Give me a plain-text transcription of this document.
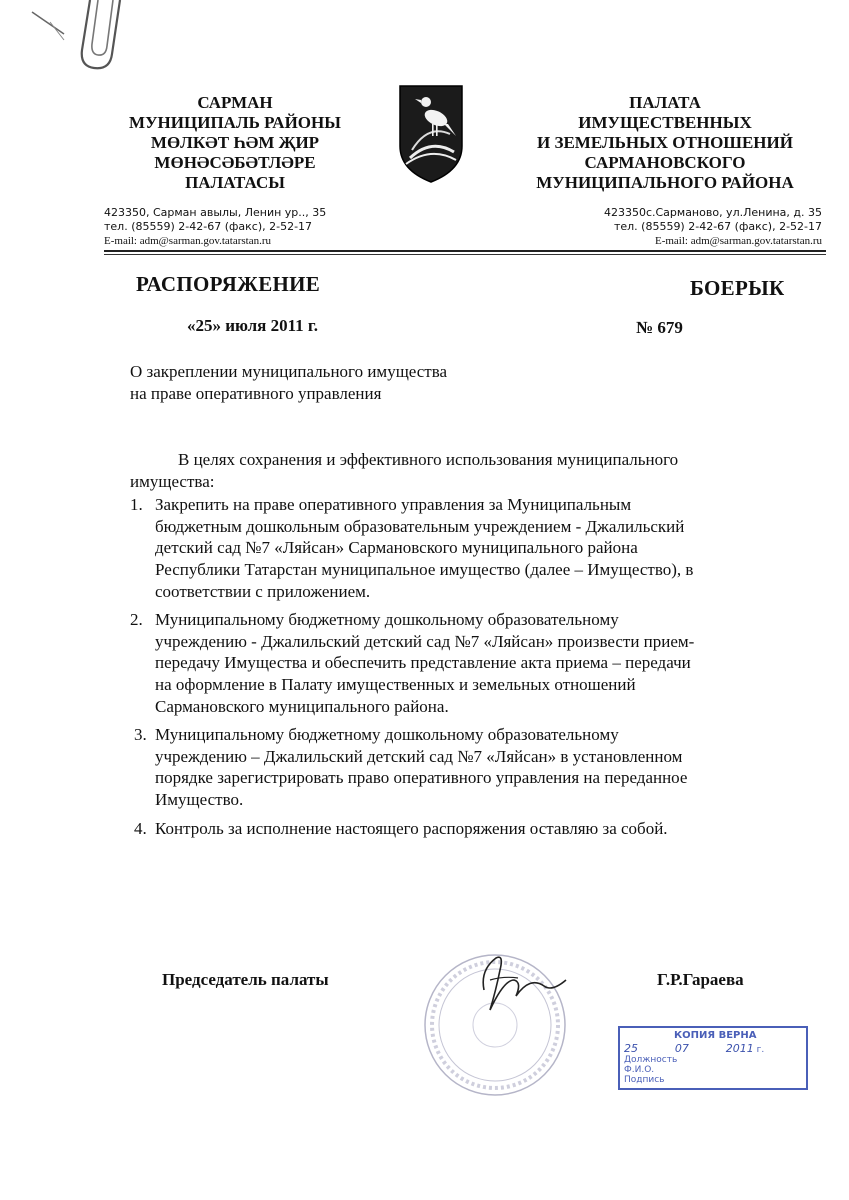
САРМАН
МУНИЦИПАЛЬ РАЙОНЫ
МӨЛКӘТ ҺӘМ ҖИР
МӨНӘСӘБӘТЛӘРЕ
ПАЛАТАСЫ
ПАЛАТА
ИМУЩЕСТВЕННЫХ
И ЗЕМЕЛЬНЫХ ОТНОШЕНИЙ
САРМАНОВСКОГО
МУНИЦИПАЛЬНОГО РАЙОНА
423350, Сарман авылы, Ленин ур.., 35
тел. (85559) 2-42-67 (факс), 2-52-17
E-mail: adm@sarman.gov.tatarstan.ru
423350с.Сарманово, ул.Ленина, д. 35
тел. (85559) 2-42-67 (факс), 2-52-17
E-mail: adm@sarman.gov.tatarstan.ru
РАСПОРЯЖЕНИЕ	БОЕРЫК
«25» июля 2011 г.	№ 679
О закреплении муниципального имущества
на праве оперативного управления
В целях сохранения и эффективного использования муниципального
имущества:
1. Закрепить на праве оперативного управления за Муниципальным
бюджетным дошкольным образовательным учреждением - Джалильский
детский сад №7 «Ляйсан» Сармановского муниципального района
Республики Татарстан муниципальное имущество (далее – Имущество), в
соответствии с приложением.
2. Муниципальному бюджетному дошкольному образовательному
учреждению - Джалильский детский сад №7 «Ляйсан» произвести прием-
передачу Имущества и обеспечить представление акта приема – передачи
на оформление в Палату имущественных и земельных отношений
Сармановского муниципального района.
3. Муниципальному бюджетному дошкольному образовательному
учреждению – Джалильский детский сад №7 «Ляйсан» в установленном
порядке зарегистрировать право оперативного управления на переданное
Имущество.
4. Контроль за исполнение настоящего распоряжения оставляю за собой.
Председатель палаты	Г.Р.Гараева
КОПИЯ ВЕРНА
25	07	2011 г.
Должность
Ф.И.О.
Подпись
